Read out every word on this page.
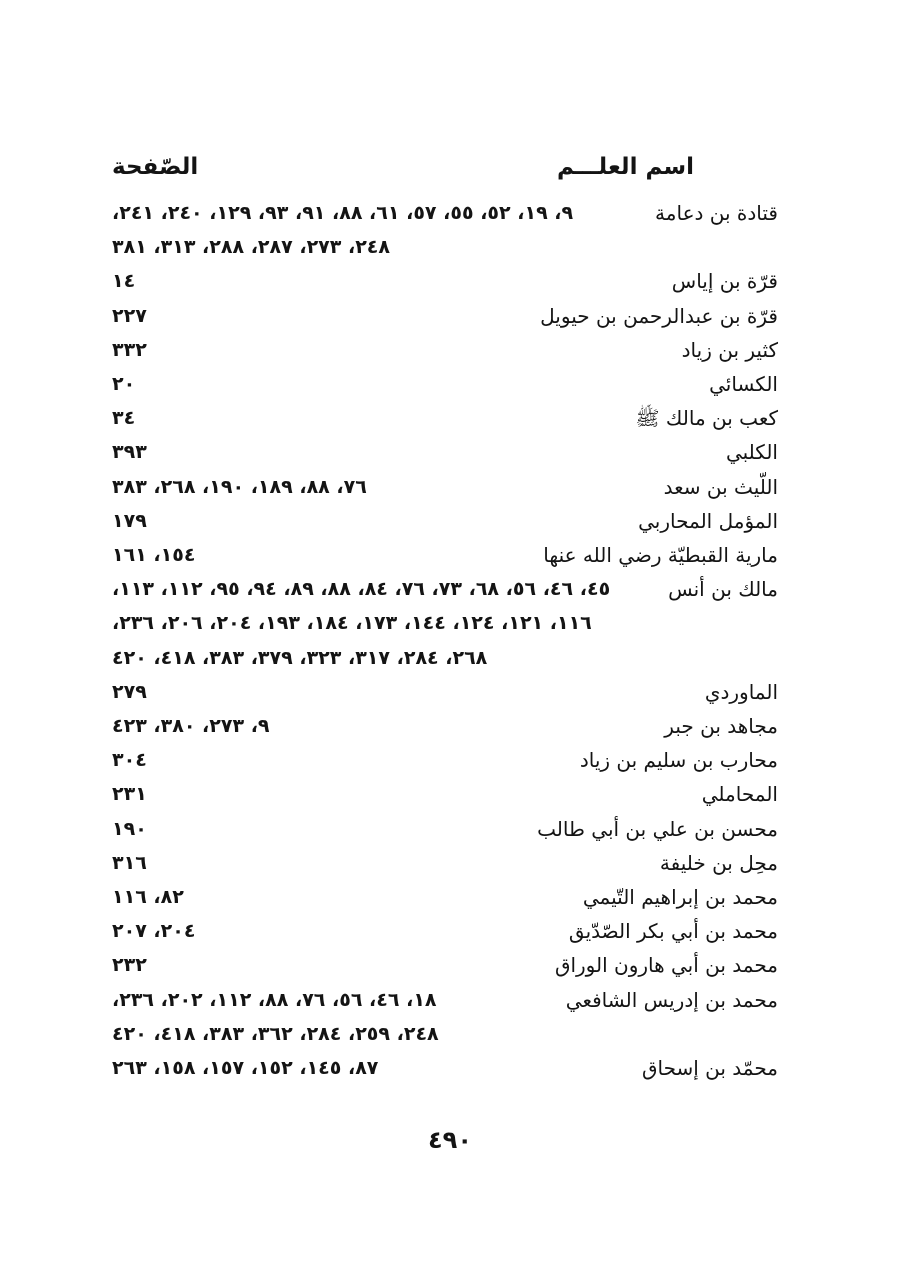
اسم العلـــم
الصّفحة
قتادة بن دعامة
٩، ١٩، ٥٢، ٥٥، ٥٧، ٦١، ٨٨، ٩١، ٩٣، ١٢٩، ٢٤٠، ٢٤١،
٢٤٨، ٢٧٣، ٢٨٧، ٢٨٨، ٣١٣، ٣٨١
قرّة بن إياس
١٤
قرّة بن عبدالرحمن بن حيويل
٢٢٧
كثير بن زياد
٣٣٢
الكسائي
٢٠
كعب بن مالك ﷺ
٣٤
الكلبي
٣٩٣
اللّيث بن سعد
٧٦، ٨٨، ١٨٩، ١٩٠، ٢٦٨، ٣٨٣
المؤمل المحاربي
١٧٩
مارية القبطيّة رضي الله عنها
١٥٤، ١٦١
مالك بن أنس
٤٥، ٤٦، ٥٦، ٦٨، ٧٣، ٧٦، ٨٤، ٨٨، ٨٩، ٩٤، ٩٥، ١١٢، ١١٣،
١١٦، ١٢١، ١٢٤، ١٤٤، ١٧٣، ١٨٤، ١٩٣، ٢٠٤، ٢٠٦، ٢٣٦،
٢٦٨، ٢٨٤، ٣١٧، ٣٢٣، ٣٧٩، ٣٨٣، ٤١٨، ٤٢٠
الماوردي
٢٧٩
مجاهد بن جبر
٩، ٢٧٣، ٣٨٠، ٤٢٣
محارب بن سليم بن زياد
٣٠٤
المحاملي
٢٣١
محسن بن علي بن أبي طالب
١٩٠
محِل بن خليفة
٣١٦
محمد بن إبراهيم التّيمي
٨٢، ١١٦
محمد بن أبي بكر الصّدّيق
٢٠٤، ٢٠٧
محمد بن أبي هارون الوراق
٢٣٢
محمد بن إدريس الشافعي
١٨، ٤٦، ٥٦، ٧٦، ٨٨، ١١٢، ٢٠٢، ٢٣٦،
٢٤٨، ٢٥٩، ٢٨٤، ٣٦٢، ٣٨٣، ٤١٨، ٤٢٠
محمّد بن إسحاق
٨٧، ١٤٥، ١٥٢، ١٥٧، ١٥٨، ٢٦٣
٤٩٠
